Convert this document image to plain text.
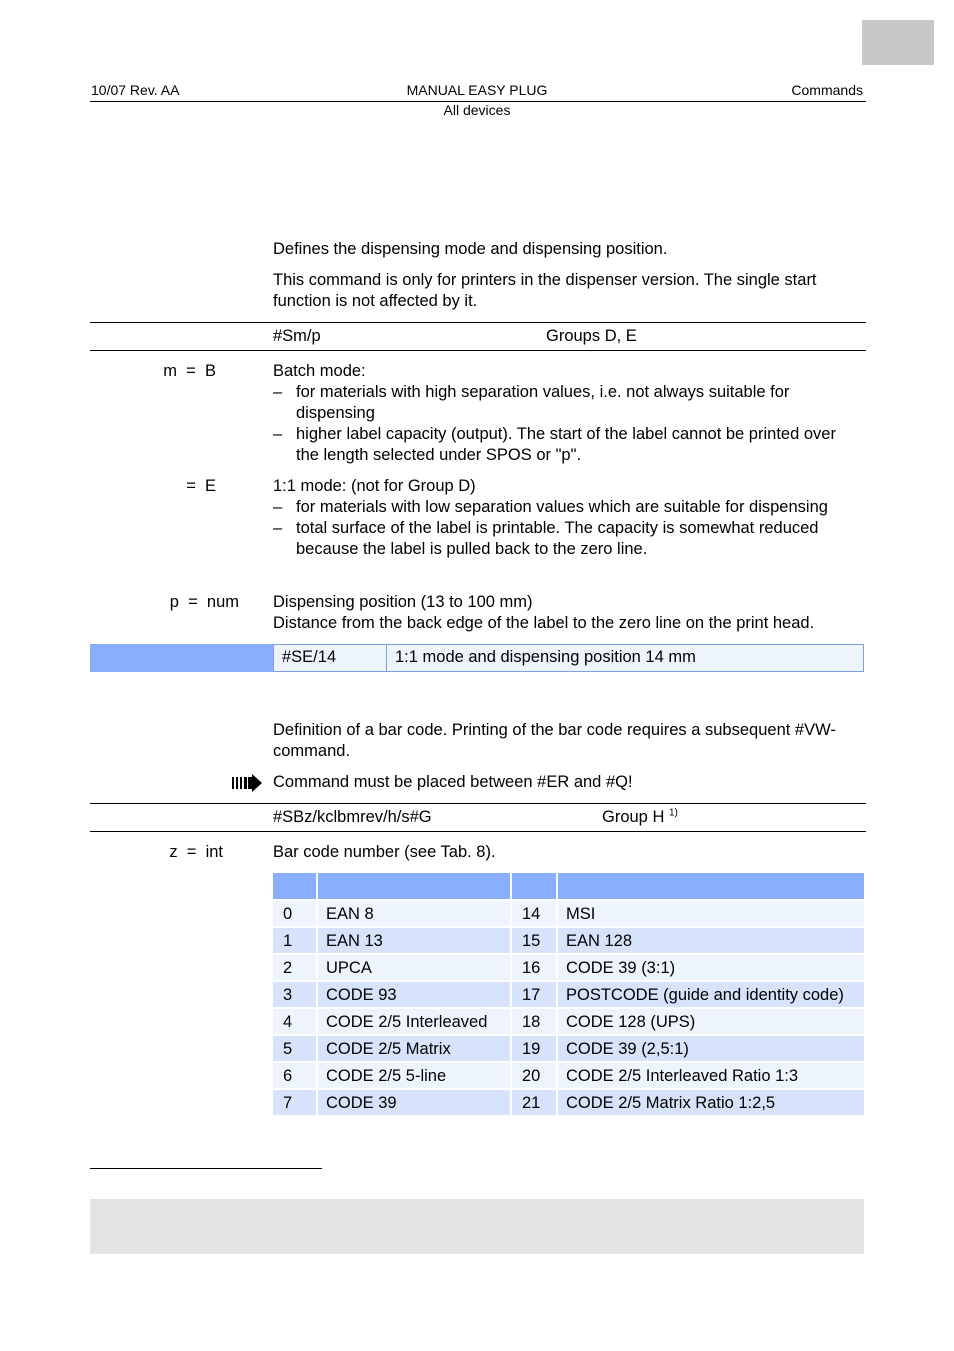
10/07 Rev. AA	MANUAL EASY PLUG	Commands
All devices
Defines the dispensing mode and dispensing position.
This command is only for printers in the dispenser version. The single start function is not affected by it.
#Sm/p	Groups D, E
m  =  B	Batch mode:
– for materials with high separation values, i.e. not always suitable for dispensing
– higher label capacity (output). The start of the label cannot be printed over the length selected under SPOS or "p".
=  E	1:1 mode: (not for Group D)
– for materials with low separation values which are suitable for dispensing
– total surface of the label is printable. The capacity is somewhat reduced because the label is pulled back to the zero line.
p  =  num Dispensing position (13 to 100 mm)
Distance from the back edge of the label to the zero line on the print head.
#SE/14	1:1 mode and dispensing position 14 mm
Definition of a bar code. Printing of the bar code requires a subsequent #VW-command.
Command must be placed between #ER and #Q!
#SBz/kclbmrev/h/s#G	Group H $^{1)}$
z  =  int	Bar code number (see Tab. 8).

0	EAN 8	14	MSI
1	EAN 13	15	EAN 128
2	UPCA	16	CODE 39 (3:1)
3	CODE 93	17	POSTCODE (guide and identity code)
4	CODE 2/5 Interleaved	18	CODE 128 (UPS)
5	CODE 2/5 Matrix	19	CODE 39 (2,5:1)
6	CODE 2/5 5-line	20	CODE 2/5 Interleaved Ratio 1:3
7	CODE 39	21	CODE 2/5 Matrix Ratio 1:2,5
